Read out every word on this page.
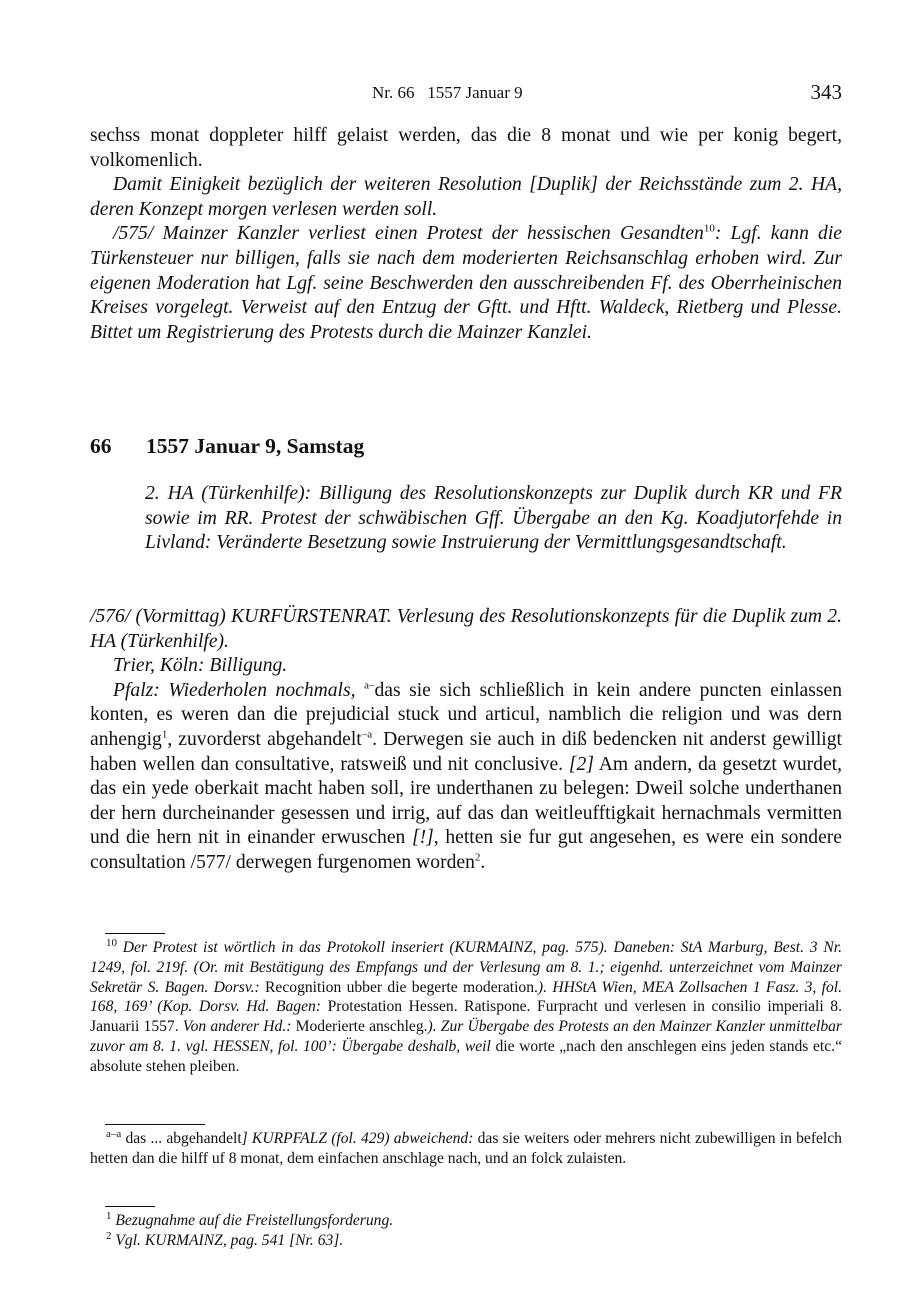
Nr. 66   1557 Januar 9	343

sechss monat doppleter hilff gelaist werden, das die 8 monat und wie per konig begert, volkomenlich.

Damit Einigkeit bezüglich der weiteren Resolution [Duplik] der Reichsstände zum 2. HA, deren Konzept morgen verlesen werden soll.

/575/ Mainzer Kanzler verliest einen Protest der hessischen Gesandten$^{10}$: Lgf. kann die Türkensteuer nur billigen, falls sie nach dem moderierten Reichsanschlag erhoben wird. Zur eigenen Moderation hat Lgf. seine Beschwerden den ausschreibenden Ff. des Oberrheinischen Kreises vorgelegt. Verweist auf den Entzug der Gftt. und Hftt. Waldeck, Rietberg und Plesse. Bittet um Registrierung des Protests durch die Mainzer Kanzlei.

66 1557 Januar 9, Samstag

2. HA (Türkenhilfe): Billigung des Resolutionskonzepts zur Duplik durch KR und FR sowie im RR. Protest der schwäbischen Gff. Übergabe an den Kg. Koadjutorfehde in Livland: Veränderte Besetzung sowie Instruierung der Vermittlungsgesandtschaft.

/576/ (Vormittag) KURFÜRSTENRAT. Verlesung des Resolutionskonzepts für die Duplik zum 2. HA (Türkenhilfe).

Trier, Köln: Billigung.

Pfalz: Wiederholen nochmals, $^{a-}$das sie sich schließlich in kein andere puncten einlassen konten, es weren dan die prejudicial stuck und articul, namblich die religion und was dern anhengig$^1$, zuvorderst abgehandelt$^{-a}$. Derwegen sie auch in diß bedencken nit anderst gewilligt haben wellen dan consultative, ratsweiß und nit conclusive. [2] Am andern, da gesetzt wurdet, das ein yede oberkait macht haben soll, ire underthanen zu belegen: Dweil solche underthanen der hern durcheinander gesessen und irrig, auf das dan weitleufftigkait hernachmals vermitten und die hern nit in einander erwuschen [!], hetten sie fur gut angesehen, es were ein sondere consultation /577/ derwegen furgenomen worden$^2$.

$^{10}$ Der Protest ist wörtlich in das Protokoll inseriert (KURMAINZ, pag. 575). Daneben: StA Marburg, Best. 3 Nr. 1249, fol. 219f. (Or. mit Bestätigung des Empfangs und der Verlesung am 8. 1.; eigenhd. unterzeichnet vom Mainzer Sekretär S. Bagen. Dorsv.: Recognition ubber die begerte moderation.). HHStA Wien, MEA Zollsachen 1 Fasz. 3, fol. 168, 169’ (Kop. Dorsv. Hd. Bagen: Protestation Hessen. Ratispone. Furpracht und verlesen in consilio imperiali 8. Januarii 1557. Von anderer Hd.: Moderierte anschleg.). Zur Übergabe des Protests an den Mainzer Kanzler unmittelbar zuvor am 8. 1. vgl. HESSEN, fol. 100’: Übergabe deshalb, weil die worte „nach den anschlegen eins jeden stands etc.“ absolute stehen pleiben.

$^{a-a}$ das ... abgehandelt] KURPFALZ (fol. 429) abweichend: das sie weiters oder mehrers nicht zubewilligen in befelch hetten dan die hilff uf 8 monat, dem einfachen anschlage nach, und an folck zulaisten.

$^1$ Bezugnahme auf die Freistellungsforderung.

$^2$ Vgl. KURMAINZ, pag. 541 [Nr. 63].
